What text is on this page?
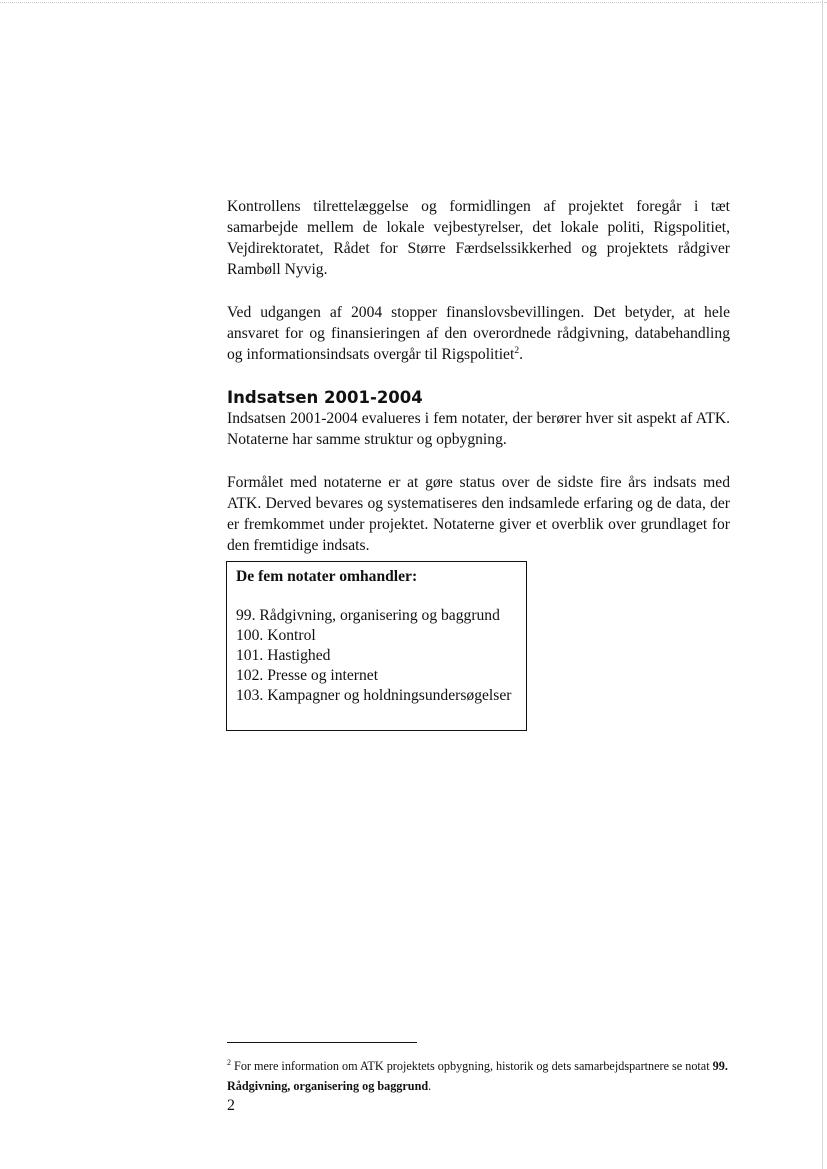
Kontrollens tilrettelæggelse og formidlingen af projektet foregår i tæt samarbejde mellem de lokale vejbestyrelser, det lokale politi, Rigspolitiet, Vejdirektoratet, Rådet for Større Færdselssikkerhed og projektets rådgiver Rambøll Nyvig.

Ved udgangen af 2004 stopper finanslovsbevillingen. Det betyder, at hele ansvaret for og finansieringen af den overordnede rådgivning, databehandling og informationsindsats overgår til Rigspolitiet$^2$.

Indsatsen 2001-2004

Indsatsen 2001-2004 evalueres i fem notater, der berører hver sit aspekt af ATK. Notaterne har samme struktur og opbygning.

Formålet med notaterne er at gøre status over de sidste fire års indsats med ATK. Derved bevares og systematiseres den indsamlede erfaring og de data, der er fremkommet under projektet. Notaterne giver et overblik over grundlaget for den fremtidige indsats.

De fem notater omhandler:

99. Rådgivning, organisering og baggrund
100. Kontrol
101. Hastighed
102. Presse og internet
103. Kampagner og holdningsundersøgelser
$^2$ For mere information om ATK projektets opbygning, historik og dets samarbejdspartnere se notat 99. Rådgivning, organisering og baggrund.
2
